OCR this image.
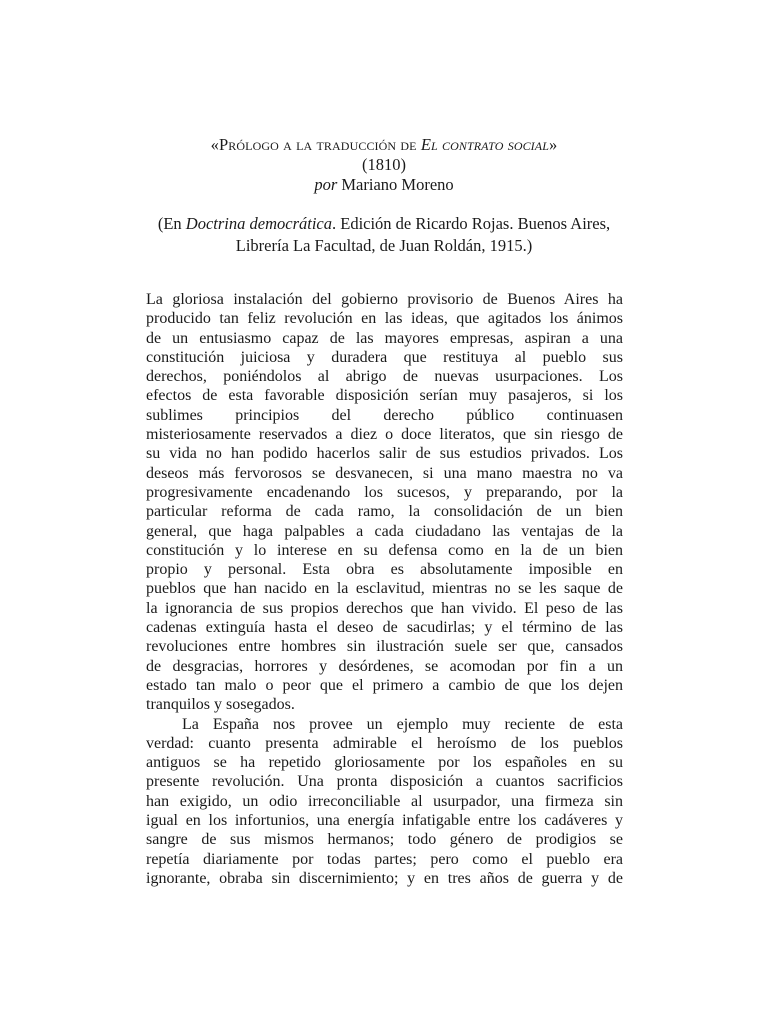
«Prólogo a la traducción de El contrato social»
(1810)
por Mariano Moreno
(En Doctrina democrática. Edición de Ricardo Rojas. Buenos Aires,
Librería La Facultad, de Juan Roldán, 1915.)
La gloriosa instalación del gobierno provisorio de Buenos Aires ha
producido tan feliz revolución en las ideas, que agitados los ánimos
de un entusiasmo capaz de las mayores empresas, aspiran a una
constitución juiciosa y duradera que restituya al pueblo sus
derechos, poniéndolos al abrigo de nuevas usurpaciones. Los
efectos de esta favorable disposición serían muy pasajeros, si los
sublimes principios del derecho público continuasen
misteriosamente reservados a diez o doce literatos, que sin riesgo de
su vida no han podido hacerlos salir de sus estudios privados. Los
deseos más fervorosos se desvanecen, si una mano maestra no va
progresivamente encadenando los sucesos, y preparando, por la
particular reforma de cada ramo, la consolidación de un bien
general, que haga palpables a cada ciudadano las ventajas de la
constitución y lo interese en su defensa como en la de un bien
propio y personal. Esta obra es absolutamente imposible en
pueblos que han nacido en la esclavitud, mientras no se les saque de
la ignorancia de sus propios derechos que han vivido. El peso de las
cadenas extinguía hasta el deseo de sacudirlas; y el término de las
revoluciones entre hombres sin ilustración suele ser que, cansados
de desgracias, horrores y desórdenes, se acomodan por fin a un
estado tan malo o peor que el primero a cambio de que los dejen
tranquilos y sosegados.
La España nos provee un ejemplo muy reciente de esta
verdad: cuanto presenta admirable el heroísmo de los pueblos
antiguos se ha repetido gloriosamente por los españoles en su
presente revolución. Una pronta disposición a cuantos sacrificios
han exigido, un odio irreconciliable al usurpador, una firmeza sin
igual en los infortunios, una energía infatigable entre los cadáveres y
sangre de sus mismos hermanos; todo género de prodigios se
repetía diariamente por todas partes; pero como el pueblo era
ignorante, obraba sin discernimiento; y en tres años de guerra y de
